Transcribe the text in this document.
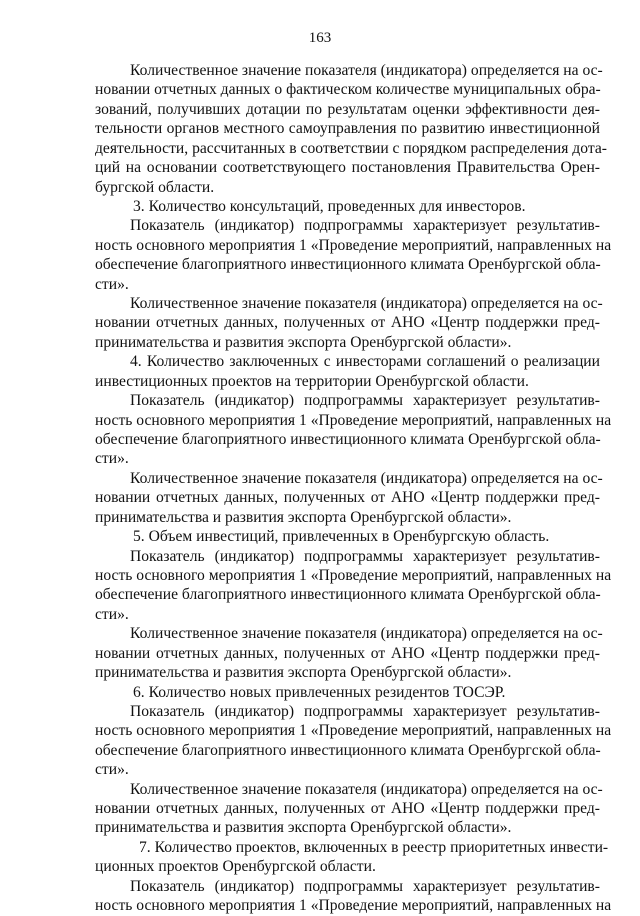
163
Количественное значение показателя (индикатора) определяется на ос-
новании отчетных данных о фактическом количестве муниципальных обра-
зований, получивших дотации по результатам оценки эффективности дея-
тельности органов местного самоуправления по развитию инвестиционной
деятельности, рассчитанных в соответствии с порядком распределения дота-
ций на основании соответствующего постановления Правительства Орен-
бургской области.
3. Количество консультаций, проведенных для инвесторов.
Показатель (индикатор) подпрограммы характеризует результатив-
ность основного мероприятия 1 «Проведение мероприятий, направленных на
обеспечение благоприятного инвестиционного климата Оренбургской обла-
сти».
Количественное значение показателя (индикатора) определяется на ос-
новании отчетных данных, полученных от АНО «Центр поддержки пред-
принимательства и развития экспорта Оренбургской области».
4. Количество заключенных с инвесторами соглашений о реализации
инвестиционных проектов на территории Оренбургской области.
Показатель (индикатор) подпрограммы характеризует результатив-
ность основного мероприятия 1 «Проведение мероприятий, направленных на
обеспечение благоприятного инвестиционного климата Оренбургской обла-
сти».
Количественное значение показателя (индикатора) определяется на ос-
новании отчетных данных, полученных от АНО «Центр поддержки пред-
принимательства и развития экспорта Оренбургской области».
5. Объем инвестиций, привлеченных в Оренбургскую область.
Показатель (индикатор) подпрограммы характеризует результатив-
ность основного мероприятия 1 «Проведение мероприятий, направленных на
обеспечение благоприятного инвестиционного климата Оренбургской обла-
сти».
Количественное значение показателя (индикатора) определяется на ос-
новании отчетных данных, полученных от АНО «Центр поддержки пред-
принимательства и развития экспорта Оренбургской области».
6. Количество новых привлеченных резидентов ТОСЭР.
Показатель (индикатор) подпрограммы характеризует результатив-
ность основного мероприятия 1 «Проведение мероприятий, направленных на
обеспечение благоприятного инвестиционного климата Оренбургской обла-
сти».
Количественное значение показателя (индикатора) определяется на ос-
новании отчетных данных, полученных от АНО «Центр поддержки пред-
принимательства и развития экспорта Оренбургской области».
7. Количество проектов, включенных в реестр приоритетных инвести-
ционных проектов Оренбургской области.
Показатель (индикатор) подпрограммы характеризует результатив-
ность основного мероприятия 1 «Проведение мероприятий, направленных на
